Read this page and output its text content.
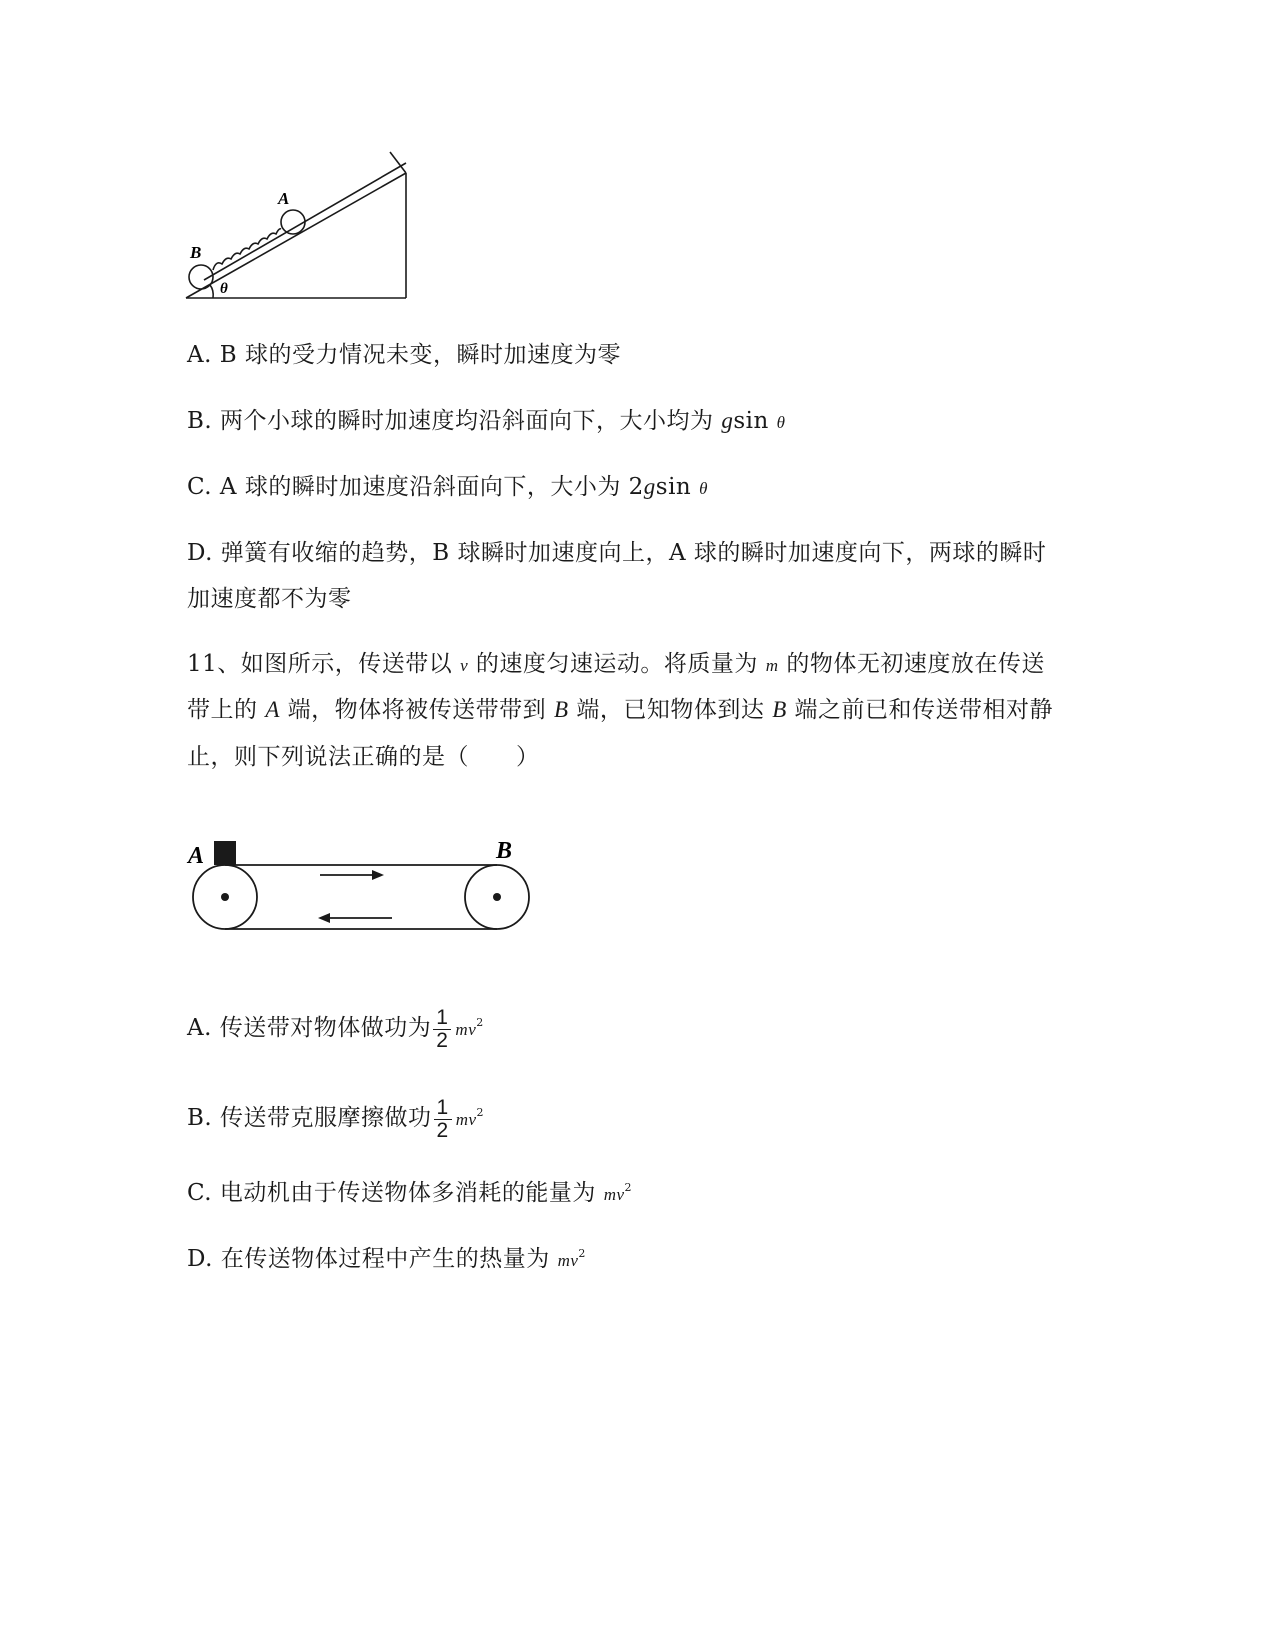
B
A
θ
A. B 球的受力情况未变，瞬时加速度为零
B. 两个小球的瞬时加速度均沿斜面向下，大小均为 gsin θ
C. A 球的瞬时加速度沿斜面向下，大小为 2gsin θ
D. 弹簧有收缩的趋势，B 球瞬时加速度向上，A 球的瞬时加速度向下，两球的瞬时
加速度都不为零
11、如图所示，传送带以 v 的速度匀速运动。将质量为 m 的物体无初速度放在传送
带上的 A 端，物体将被传送带带到 B 端，已知物体到达 B 端之前已和传送带相对静
止，则下列说法正确的是（　　）
A	B
A. 传送带对物体做功为 $\frac{1}{2} mv^2$
B. 传送带克服摩擦做功 $\frac{1}{2} mv^2$
C. 电动机由于传送物体多消耗的能量为 $mv^2$
D. 在传送物体过程中产生的热量为 $mv^2$
